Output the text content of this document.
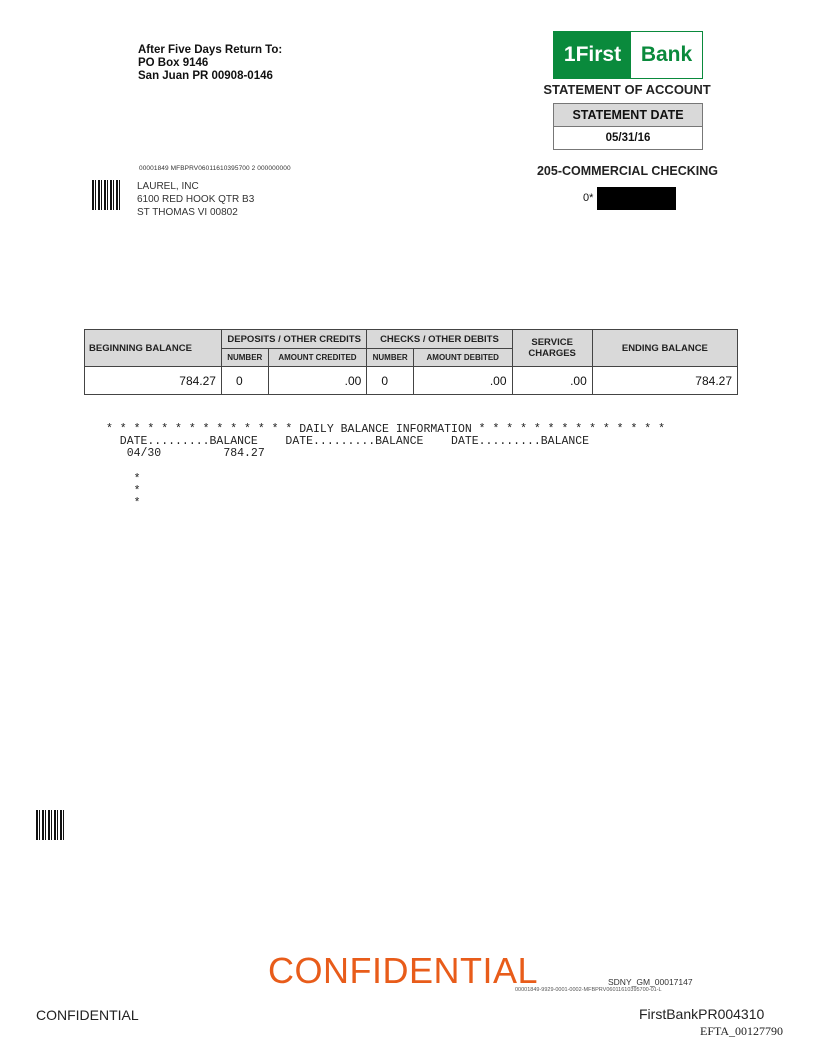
After Five Days Return To:
PO Box 9146
San Juan PR 00908-0146
1First Bank
STATEMENT OF ACCOUNT
STATEMENT DATE
05/31/16
205-COMMERCIAL CHECKING
0*
00001849 MFBPRV06011610395700 2 000000000
LAUREL, INC
6100 RED HOOK QTR B3
ST THOMAS VI 00802
BEGINNING BALANCE	DEPOSITS / OTHER CREDITS		CHECKS / OTHER DEBITS		SERVICE CHARGES	ENDING BALANCE
	NUMBER	AMOUNT CREDITED	NUMBER	AMOUNT DEBITED		
784.27	0	.00	0	.00	.00	784.27
* * * * * * * * * * * * * * DAILY BALANCE INFORMATION * * * * * * * * * * * * * *
DATE.........BALANCE    DATE.........BALANCE    DATE.........BALANCE
04/30         784.27
*
*
*
CONFIDENTIAL	SDNY_GM_00017147
00001849-9929-0001-0002-MFBPRV06011610395700-01-L
CONFIDENTIAL	FirstBankPR004310
EFTA_00127790
